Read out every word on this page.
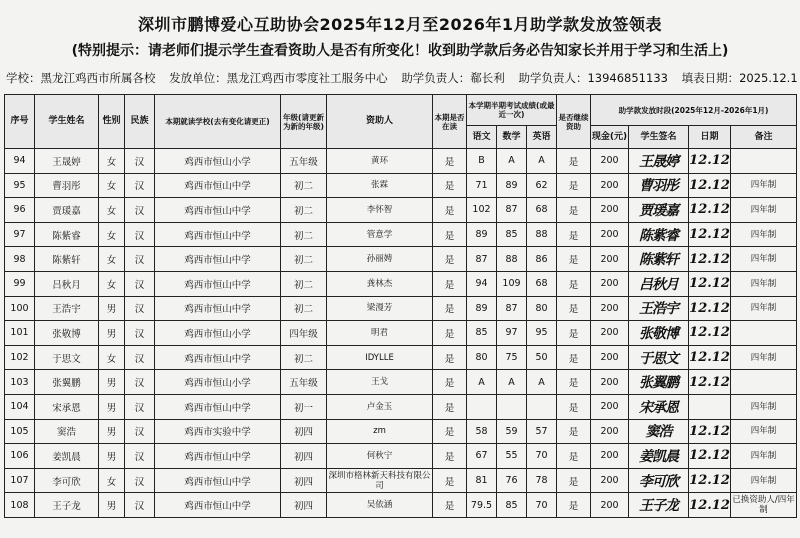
深圳市鹏博爱心互助协会2025年12月至2026年1月助学款发放签领表
(特别提示：请老师们提示学生查看资助人是否有所变化！收到助学款后务必告知家长并用于学习和生活上)
学校：黑龙江鸡西市所属各校 发放单位：黑龙江鸡西市零度社工服务中心 助学负责人：郗长利 助学负责人：13946851133 填表日期：2025.12.1
序号	学生姓名	性别	民族	本期就读学校(去有变化请更正)	年级(请更新为新的年级)	资助人	本期是否在读	本学期半期考试成绩(或最近一次)			是否继续资助	助学款发放时段(2025年12月-2026年1月)			
								语文	数学	英语		现金(元)	学生签名	日期	备注
94	王晟婷	女	汉	鸡西市恒山小学	五年级	黄环	是	B	A	A	是	200	王晟婷	12.12	
95	曹羽彤	女	汉	鸡西市恒山中学	初二	张霖	是	71	89	62	是	200	曹羽彤	12.12	四年制
96	贾瑗嘉	女	汉	鸡西市恒山中学	初二	李怀智	是	102	87	68	是	200	贾瑗嘉	12.12	四年制
97	陈紫睿	女	汉	鸡西市恒山中学	初二	管意学	是	89	85	88	是	200	陈紫睿	12.12	四年制
98	陈紫轩	女	汉	鸡西市恒山中学	初二	孙丽娉	是	87	88	86	是	200	陈紫轩	12.12	四年制
99	吕秋月	女	汉	鸡西市恒山中学	初二	龚林杰	是	94	109	68	是	200	吕秋月	12.12	四年制
100	王浩宇	男	汉	鸡西市恒山中学	初二	梁漫芳	是	89	87	80	是	200	王浩宇	12.12	四年制
101	张敬博	男	汉	鸡西市恒山小学	四年级	明君	是	85	97	95	是	200	张敬博	12.12	
102	于思文	女	汉	鸡西市恒山中学	初二	IDYLLE	是	80	75	50	是	200	于思文	12.12	四年制
103	张翼鹏	男	汉	鸡西市恒山小学	五年级	王戈	是	A	A	A	是	200	张翼鹏	12.12	
104	宋承恩	男	汉	鸡西市恒山中学	初一	卢金玉	是				是	200	宋承恩		四年制
105	窦浩	男	汉	鸡西市实验中学	初四	zm	是	58	59	57	是	200	窦浩	12.12	四年制
106	姜凯晨	男	汉	鸡西市恒山中学	初四	何秋宁	是	67	55	70	是	200	姜凯晨	12.12	四年制
107	李可欣	女	汉	鸡西市恒山中学	初四	深圳市格林新天科技有限公司	是	81	76	78	是	200	李可欣	12.12	四年制
108	王子龙	男	汉	鸡西市恒山中学	初四	吴依涵	是	79.5	85	70	是	200	王子龙	12.12	已换资助人/四年制
